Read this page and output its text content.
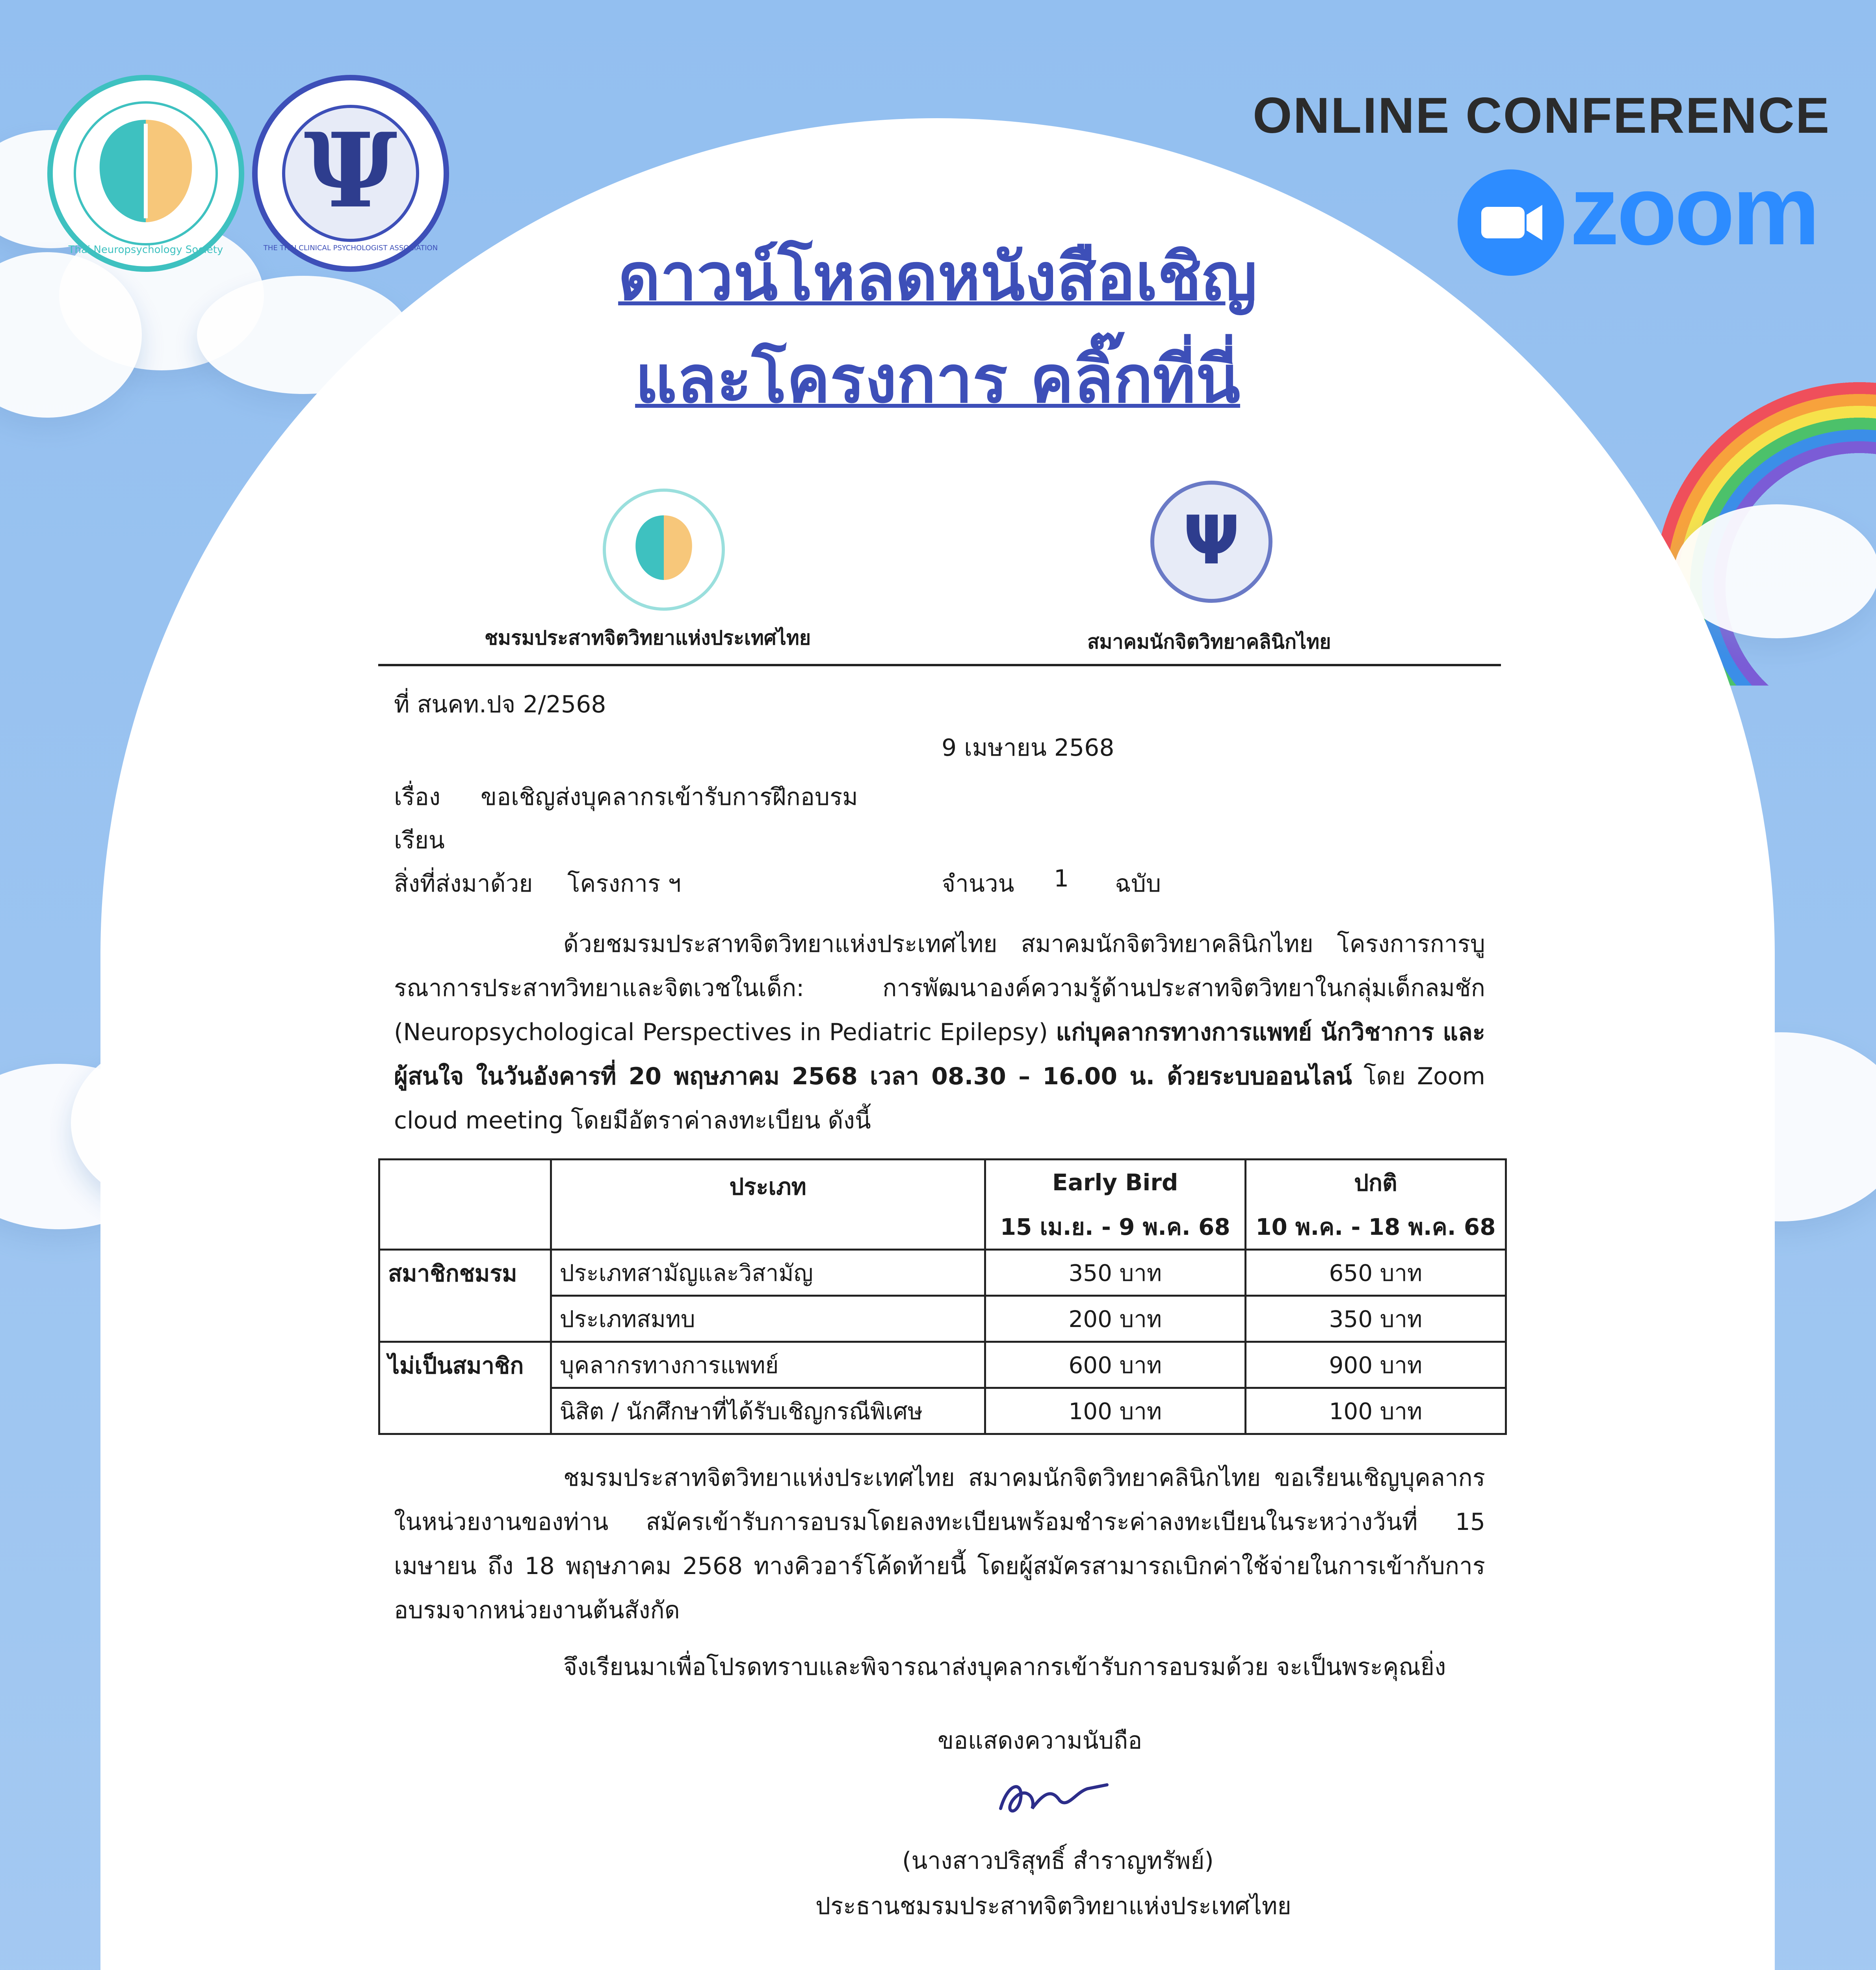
Thai Neuropsychology Society
Ψ
THE THAI CLINICAL PSYCHOLOGIST ASSOCIATION
ONLINE CONFERENCE
zoom
ดาวน์โหลดหนังสือเชิญ
และโครงการ คลิ๊กที่นี่
Ψ
ชมรมประสาทจิตวิทยาแห่งประเทศไทย	สมาคมนักจิตวิทยาคลินิกไทย
ที่ สนคท.ปจ 2/2568
9 เมษายน 2568
เรื่อง ขอเชิญส่งบุคลากรเข้ารับการฝึกอบรม
เรียน
สิ่งที่ส่งมาด้วย โครงการ ฯ	จำนวน 1 ฉบับ
ด้วยชมรมประสาทจิตวิทยาแห่งประเทศไทย สมาคมนักจิตวิทยาคลินิกไทย โครงการการบูรณาการประสาทวิทยาและจิตเวชในเด็ก: การพัฒนาองค์ความรู้ด้านประสาทจิตวิทยาในกลุ่มเด็กลมชัก (Neuropsychological Perspectives in Pediatric Epilepsy) แก่บุคลากรทางการแพทย์ นักวิชาการ และผู้สนใจ ในวันอังคารที่ 20 พฤษภาคม 2568 เวลา 08.30 – 16.00 น. ด้วยระบบออนไลน์ โดย Zoom cloud meeting โดยมีอัตราค่าลงทะเบียน ดังนี้
	ประเภท	Early Bird	ปกติ
		15 เม.ย. - 9 พ.ค. 68	10 พ.ค. - 18 พ.ค. 68
สมาชิกชมรม	ประเภทสามัญและวิสามัญ	350 บาท	650 บาท
	ประเภทสมทบ	200 บาท	350 บาท
ไม่เป็นสมาชิก	บุคลากรทางการแพทย์	600 บาท	900 บาท
	นิสิต / นักศึกษาที่ได้รับเชิญกรณีพิเศษ	100 บาท	100 บาท
ชมรมประสาทจิตวิทยาแห่งประเทศไทย สมาคมนักจิตวิทยาคลินิกไทย ขอเรียนเชิญบุคลากรในหน่วยงานของท่าน สมัครเข้ารับการอบรมโดยลงทะเบียนพร้อมชำระค่าลงทะเบียนในระหว่างวันที่ 15 เมษายน ถึง 18 พฤษภาคม 2568 ทางคิวอาร์โค้ดท้ายนี้ โดยผู้สมัครสามารถเบิกค่าใช้จ่ายในการเข้ากับการอบรมจากหน่วยงานต้นสังกัด
จึงเรียนมาเพื่อโปรดทราบและพิจารณาส่งบุคลากรเข้ารับการอบรมด้วย จะเป็นพระคุณยิ่ง
ขอแสดงความนับถือ
(นางสาวปริสุทธิ์ สำราญทรัพย์)
ประธานชมรมประสาทจิตวิทยาแห่งประเทศไทย
